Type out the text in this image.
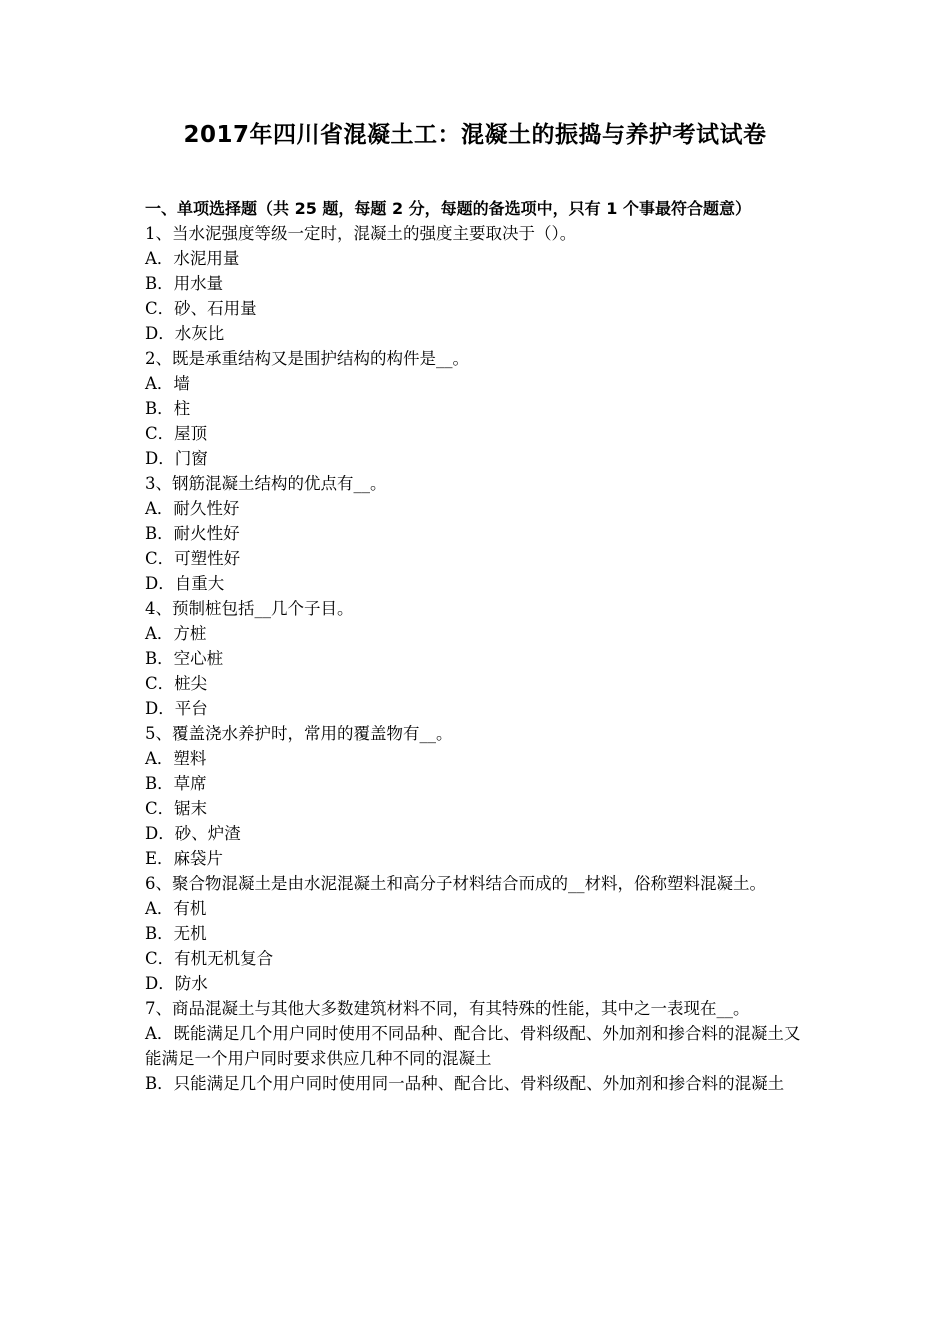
2017年四川省混凝土工：混凝土的振捣与养护考试试卷

一、单项选择题（共 25 题，每题 2 分，每题的备选项中，只有 1 个事最符合题意）

1、当水泥强度等级一定时，混凝土的强度主要取决于（）。

A．水泥用量

B．用水量

C．砂、石用量

D．水灰比

2、既是承重结构又是围护结构的构件是__。

A．墙

B．柱

C．屋顶

D．门窗

3、钢筋混凝土结构的优点有__。

A．耐久性好

B．耐火性好

C．可塑性好

D．自重大

4、预制桩包括__几个子目。

A．方桩

B．空心桩

C．桩尖

D．平台

5、覆盖浇水养护时，常用的覆盖物有__。

A．塑料

B．草席

C．锯末

D．砂、炉渣

E．麻袋片

6、聚合物混凝土是由水泥混凝土和高分子材料结合而成的__材料，俗称塑料混凝土。

A．有机

B．无机

C．有机无机复合

D．防水

7、商品混凝土与其他大多数建筑材料不同，有其特殊的性能，其中之一表现在__。

A．既能满足几个用户同时使用不同品种、配合比、骨料级配、外加剂和掺合料的混凝土又能满足一个用户同时要求供应几种不同的混凝土

B．只能满足几个用户同时使用同一品种、配合比、骨料级配、外加剂和掺合料的混凝土
